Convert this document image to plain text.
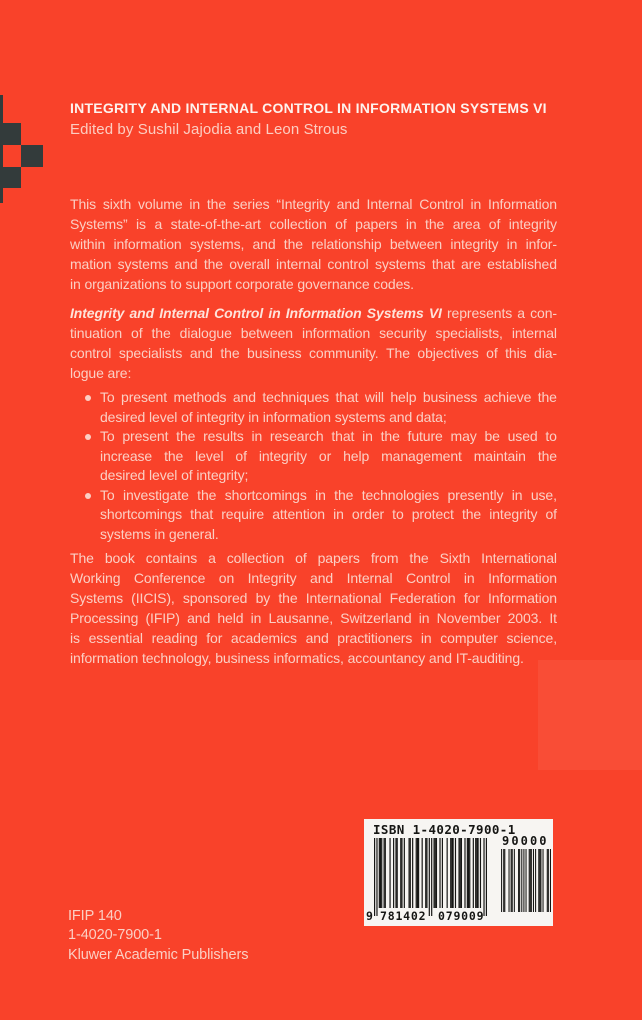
INTEGRITY AND INTERNAL CONTROL IN INFORMATION SYSTEMS VI
Edited by Sushil Jajodia and Leon Strous
This sixth volume in the series “Integrity and Internal Control in Information
Systems” is a state-of-the-art collection of papers in the area of integrity
within information systems, and the relationship between integrity in infor-
mation systems and the overall internal control systems that are established
in organizations to support corporate governance codes.
Integrity and Internal Control in Information Systems VI represents a con-
tinuation of the dialogue between information security specialists, internal
control specialists and the business community. The objectives of this dia-
logue are:
To present methods and techniques that will help business achieve the
desired level of integrity in information systems and data;
To present the results in research that in the future may be used to
increase the level of integrity or help management maintain the
desired level of integrity;
To investigate the shortcomings in the technologies presently in use,
shortcomings that require attention in order to protect the integrity of
systems in general.
The book contains a collection of papers from the Sixth International
Working Conference on Integrity and Internal Control in Information
Systems (IICIS), sponsored by the International Federation for Information
Processing (IFIP) and held in Lausanne, Switzerland in November 2003. It
is essential reading for academics and practitioners in computer science,
information technology, business informatics, accountancy and IT-auditing.
IFIP 140
1-4020-7900-1
Kluwer Academic Publishers
ISBN 1-4020-7900-1
90000
9 781402 079009
